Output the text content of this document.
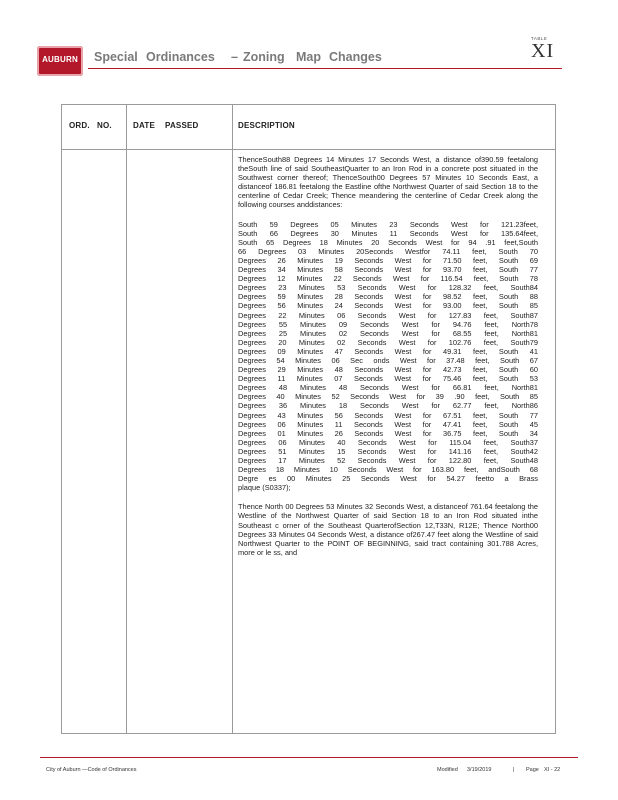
AUBURN	Special Ordinances – Zoning Map Changes
TABLE
XI
ORD. NO.	DATE PASSED	DESCRIPTION

ThenceSouth88 Degrees 14 Minutes 17 Seconds West, a distance of390.59 feetalong theSouth line of said SoutheastQuarter to an Iron Rod in a concrete post situated in the Southwest corner thereof; ThenceSouth00 Degrees 57 Minutes 10 Seconds East, a distanceof 186.81 feetalong the Eastline ofthe Northwest Quarter of said Section 18 to the centerline of Cedar Creek; Thence meandering the centerline of Cedar Creek along the following courses anddistances:

South 59 Degrees 05 Minutes 23 Seconds West for 121.23feet,
South 66 Degrees 30 Minutes 11 Seconds West for 135.64feet,
South 65 Degrees 18 Minutes 20 Seconds West for 94 .91 feet,South
66 Degrees 03 Minutes 20Seconds Westfor 74.11 feet, South 70
Degrees 26 Minutes 19 Seconds West for 71.50 feet, South 69
Degrees 34 Minutes 58 Seconds West for 93.70 feet, South 77
Degrees 12 Minutes 22 Seconds West for 116.54 feet, South 78
Degrees 23 Minutes 53 Seconds West for 128.32 feet, South84
Degrees 59 Minutes 28 Seconds West for 98.52 feet, South 88
Degrees 56 Minutes 24 Seconds West for 93.00 feet, South 85
Degrees 22 Minutes 06 Seconds West for 127.83 feet, South87
Degrees 55 Minutes 09 Seconds West for 94.76 feet, North78
Degrees 25 Minutes 02 Seconds West for 68.55 feet, North81
Degrees 20 Minutes 02 Seconds West for 102.76 feet, South79
Degrees 09 Minutes 47 Seconds West for 49.31 feet, South 41
Degrees 54 Minutes 06 Sec onds West for 37.48 feet, South 67
Degrees 29 Minutes 48 Seconds West for 42.73 feet, South 60
Degrees 11 Minutes 07 Seconds West for 75.46 feet, South 53
Degrees 48 Minutes 48 Seconds West for 66.81 feet, North81
Degrees 40 Minutes 52 Seconds West for 39 .90 feet, South 85
Degrees 36 Minutes 18 Seconds West for 62.77 feet, North86
Degrees 43 Minutes 56 Seconds West for 67.51 feet, South 77
Degrees 06 Minutes 11 Seconds West for 47.41 feet, South 45
Degrees 01 Minutes 26 Seconds West for 36.75 feet, South 34
Degrees 06 Minutes 40 Seconds West for 115.04 feet, South37
Degrees 51 Minutes 15 Seconds West for 141.16 feet, South42
Degrees 17 Minutes 52 Seconds West for 122.80 feet, South48
Degrees 18 Minutes 10 Seconds West for 163.80 feet, andSouth 68
Degre es 00 Minutes 25 Seconds West for 54.27 feetto a Brass
plaque (S0337);

Thence North 00 Degrees 53 Minutes 32 Seconds West, a distanceof 761.64 feetalong the Westline of the Northwest Quarter of said Section 18 to an Iron Rod situated inthe Southeast c orner of the Southeast QuarterofSection 12,T33N, R12E; Thence North00 Degrees 33 Minutes 04 Seconds West, a distance of267.47 feet along the Westline of said Northwest Quarter to the POINT OF BEGINNING, said tract containing 301.788 Acres, more or le ss, and

City of Auburn —Code of Ordinances	Modified 3/19/2019	| Page XI - 22
